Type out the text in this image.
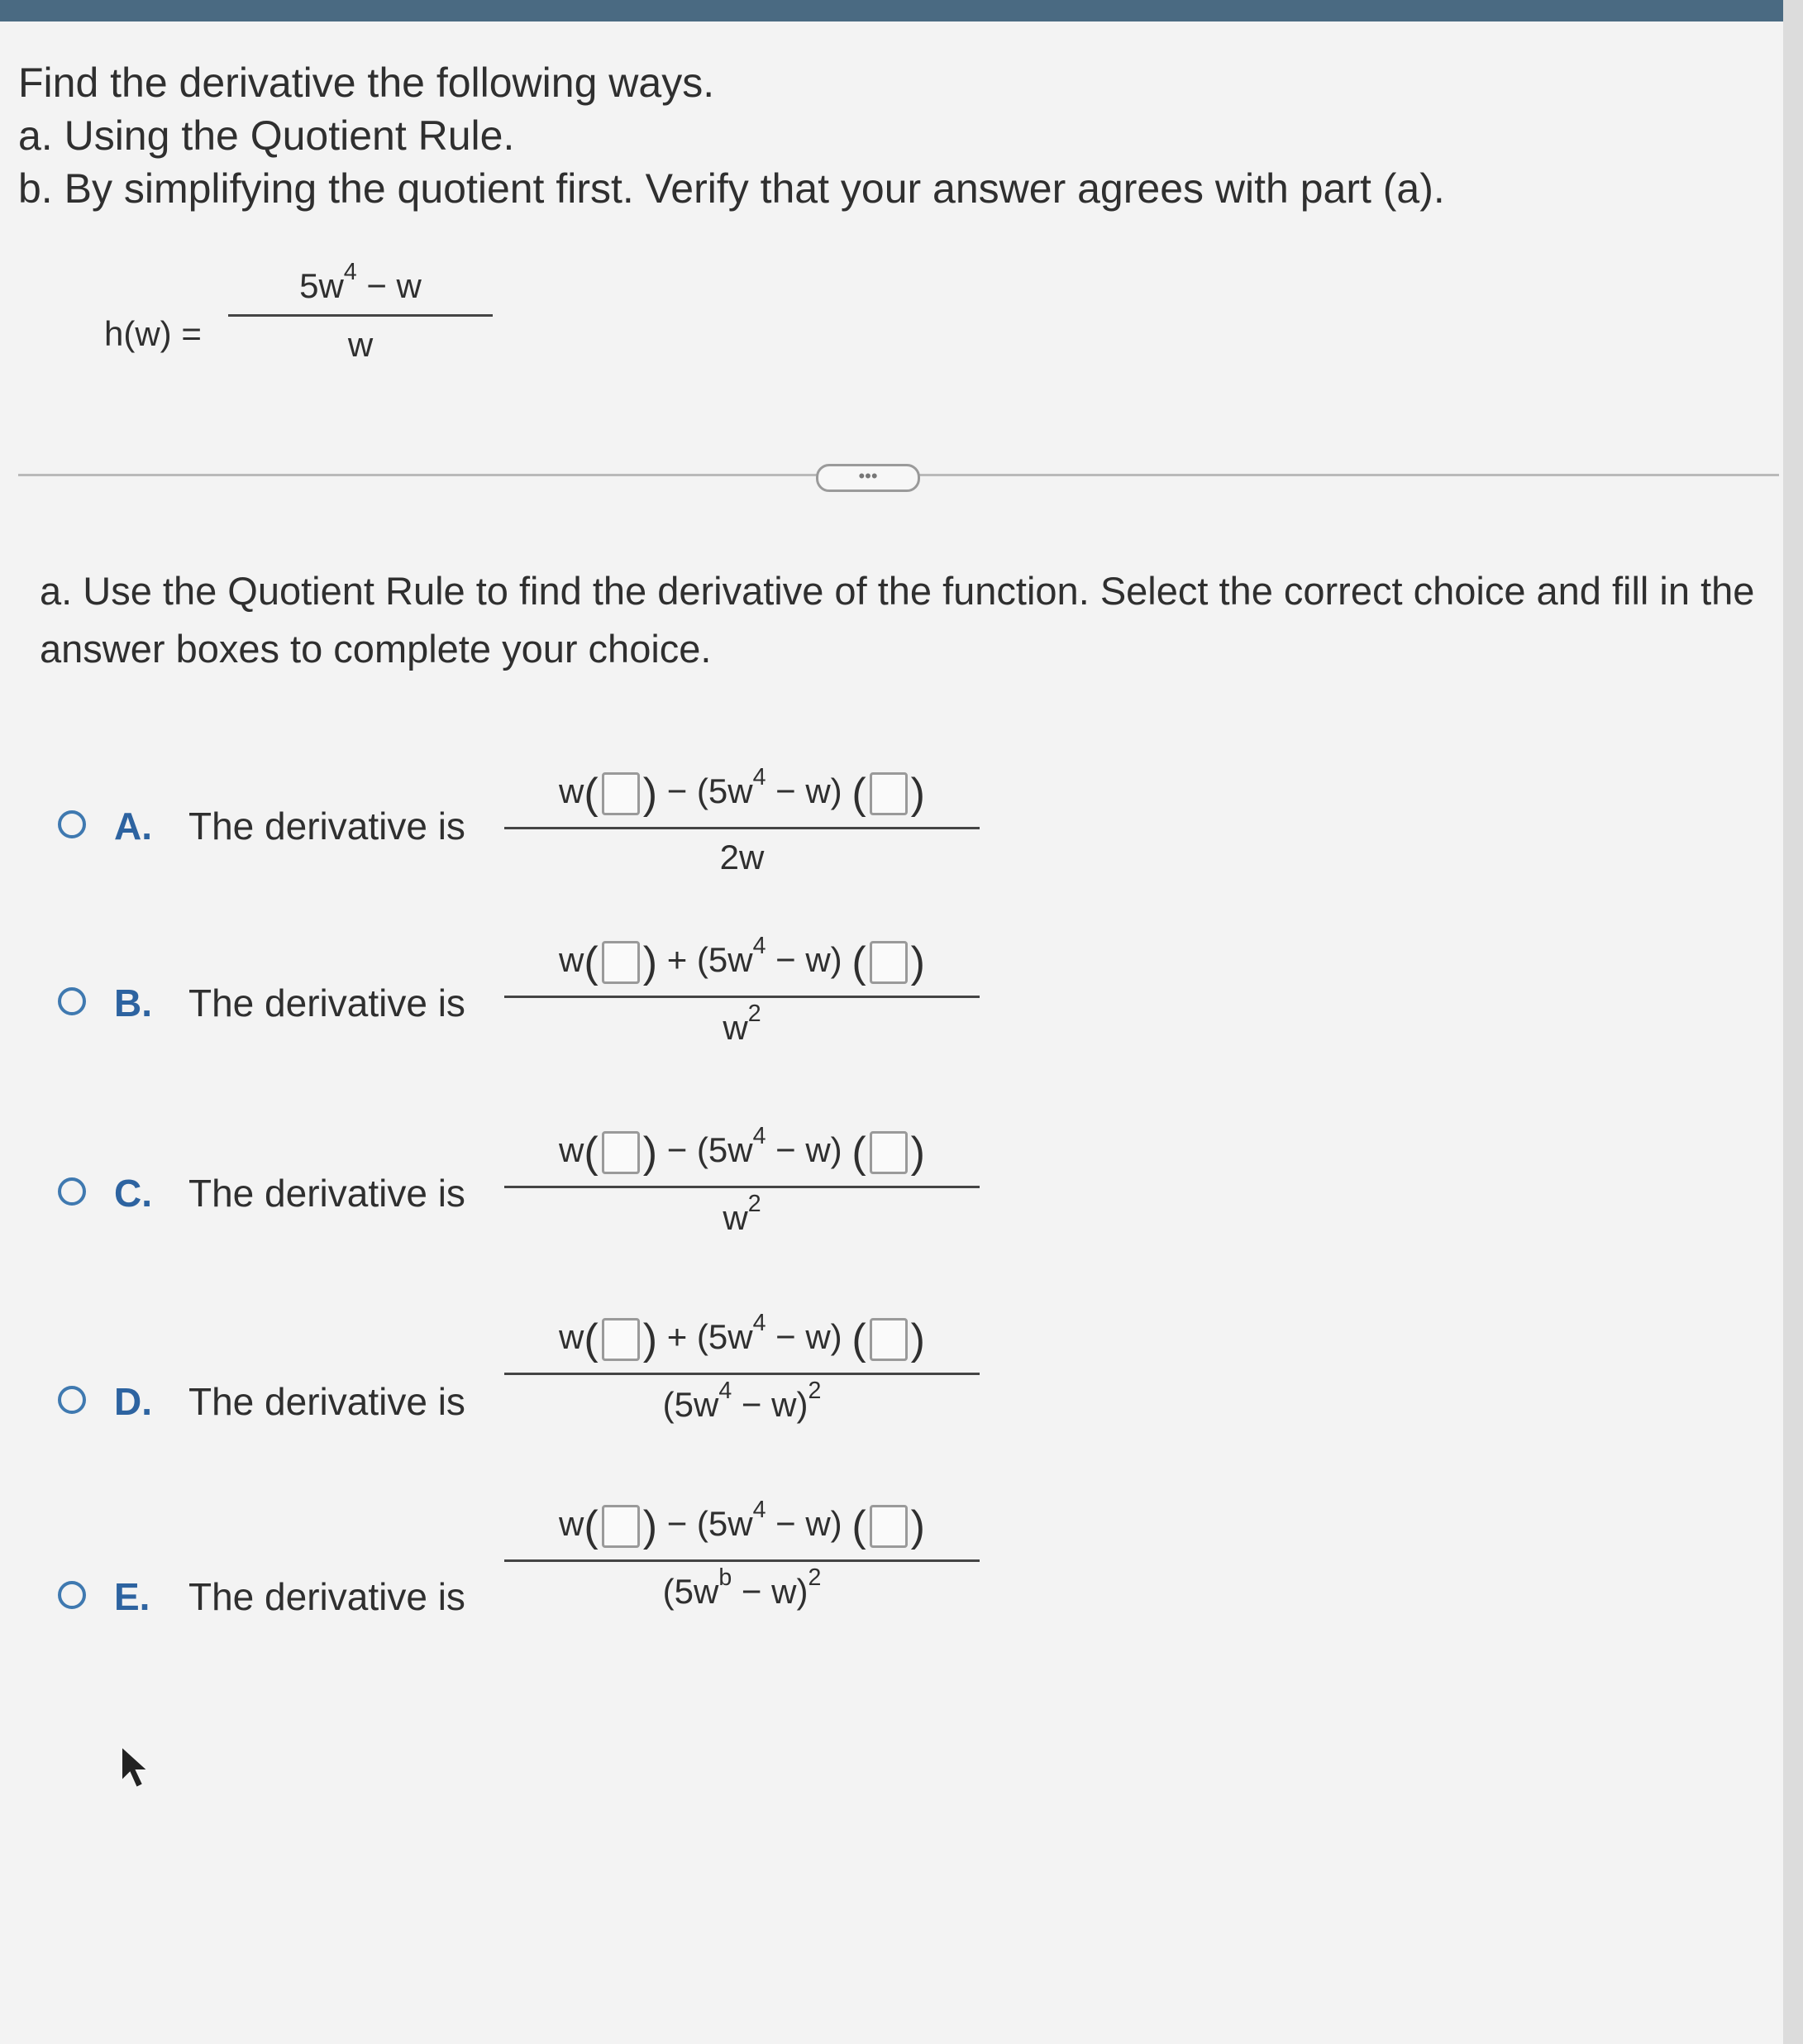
Find the derivative the following ways.
a. Using the Quotient Rule.
b. By simplifying the quotient first. Verify that your answer agrees with part (a).
h(w) =
$5w^4 - w$
w
•••
a. Use the Quotient Rule to find the derivative of the function. Select the correct choice and fill in the answer boxes to complete your choice.
A. The derivative is
w( ) − $(5w^4 - w)$ ( )
2w
B. The derivative is
w( ) + $(5w^4 - w)$ ( )
$w^2$
C. The derivative is
w( ) − $(5w^4 - w)$ ( )
$w^2$
D. The derivative is
w( ) + $(5w^4 - w)$ ( )
$(5w^4 - w)^2$
E. The derivative is
w( ) − $(5w^4 - w)$ ( )
$(5w^b - w)^2$
